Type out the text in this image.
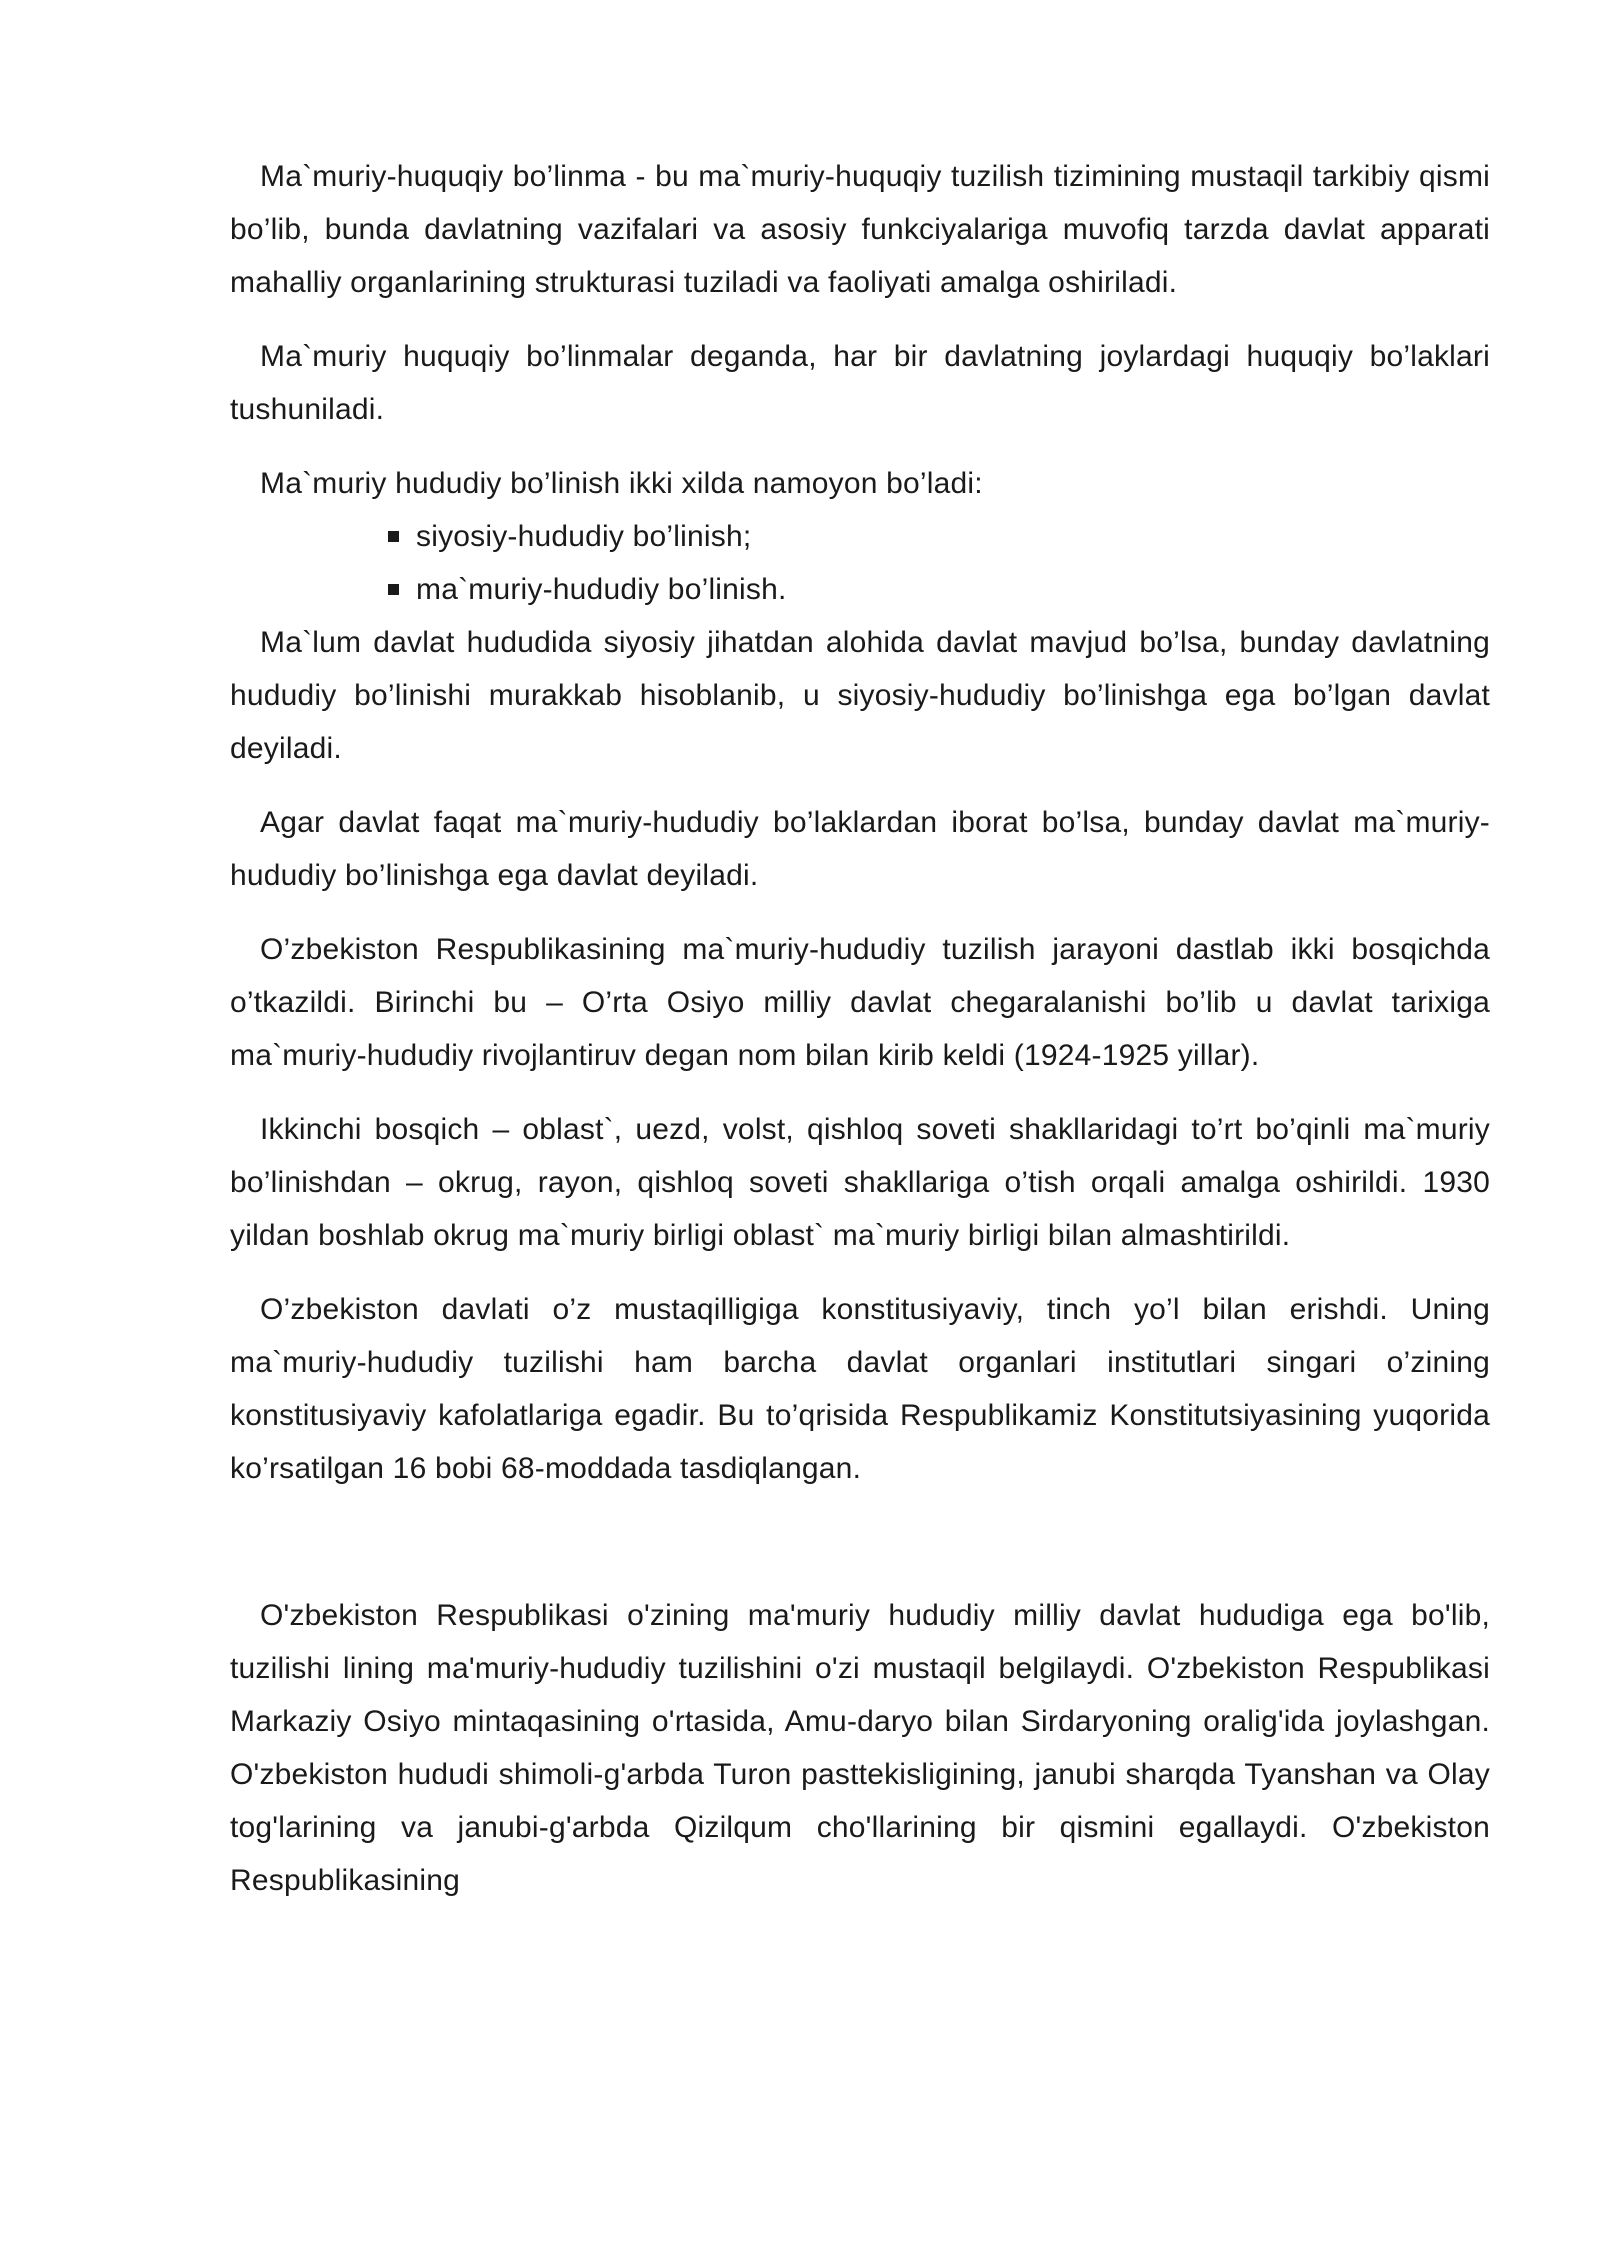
Ma`muriy-huquqiy bo’linma - bu ma`muriy-huquqiy tuzilish tizimining mustaqil tarkibiy qismi bo’lib, bunda davlatning vazifalari va asosiy funkciyalariga muvofiq tarzda davlat apparati mahalliy organlarining strukturasi tuziladi va faoliyati amalga oshiriladi.

Ma`muriy huquqiy bo’linmalar deganda, har bir davlatning joylardagi huquqiy bo’laklari tushuniladi.

Ma`muriy hududiy bo’linish ikki xilda namoyon bo’ladi:

siyosiy-hududiy bo’linish;
ma`muriy-hududiy bo’linish.

Ma`lum davlat hududida siyosiy jihatdan alohida davlat mavjud bo’lsa, bunday davlatning hududiy bo’linishi murakkab hisoblanib, u siyosiy-hududiy bo’linishga ega bo’lgan davlat deyiladi.

Agar davlat faqat ma`muriy-hududiy bo’laklardan iborat bo’lsa, bunday davlat ma`muriy-hududiy bo’linishga ega davlat deyiladi.

O’zbekiston Respublikasining ma`muriy-hududiy tuzilish jarayoni dastlab ikki bosqichda o’tkazildi. Birinchi bu – O’rta Osiyo milliy davlat chegaralanishi bo’lib u davlat tarixiga ma`muriy-hududiy rivojlantiruv degan nom bilan kirib keldi (1924-1925 yillar).

Ikkinchi bosqich – oblast`, uezd, volst, qishloq soveti shakllaridagi to’rt bo’qinli ma`muriy bo’linishdan – okrug, rayon, qishloq soveti shakllariga o’tish orqali amalga oshirildi. 1930 yildan boshlab okrug ma`muriy birligi oblast` ma`muriy birligi bilan almashtirildi.

O’zbekiston davlati o’z mustaqilligiga konstitusiyaviy, tinch yo’l bilan erishdi. Uning ma`muriy-hududiy tuzilishi ham barcha davlat organlari institutlari singari o’zining konstitusiyaviy kafolatlariga egadir. Bu to’qrisida Respublikamiz Konstitutsiyasining yuqorida ko’rsatilgan 16 bobi 68-moddada tasdiqlangan.

O'zbekiston Respublikasi o'zining ma'muriy hududiy milliy davlat hududiga ega bo'lib, tuzilishi lining ma'muriy-hududiy tuzilishini o'zi mustaqil belgilaydi. O'zbekiston Respublikasi Markaziy Osiyo mintaqasining o'rtasida, Amu-daryo bilan Sirdaryoning oralig'ida joylashgan. O'zbekiston hududi shimoli-g'arbda Turon pasttekisligining, janubi sharqda Tyanshan va Olay tog'larining va janubi-g'arbda Qizilqum cho'llarining bir qismini egallaydi. O'zbekiston Respublikasining
